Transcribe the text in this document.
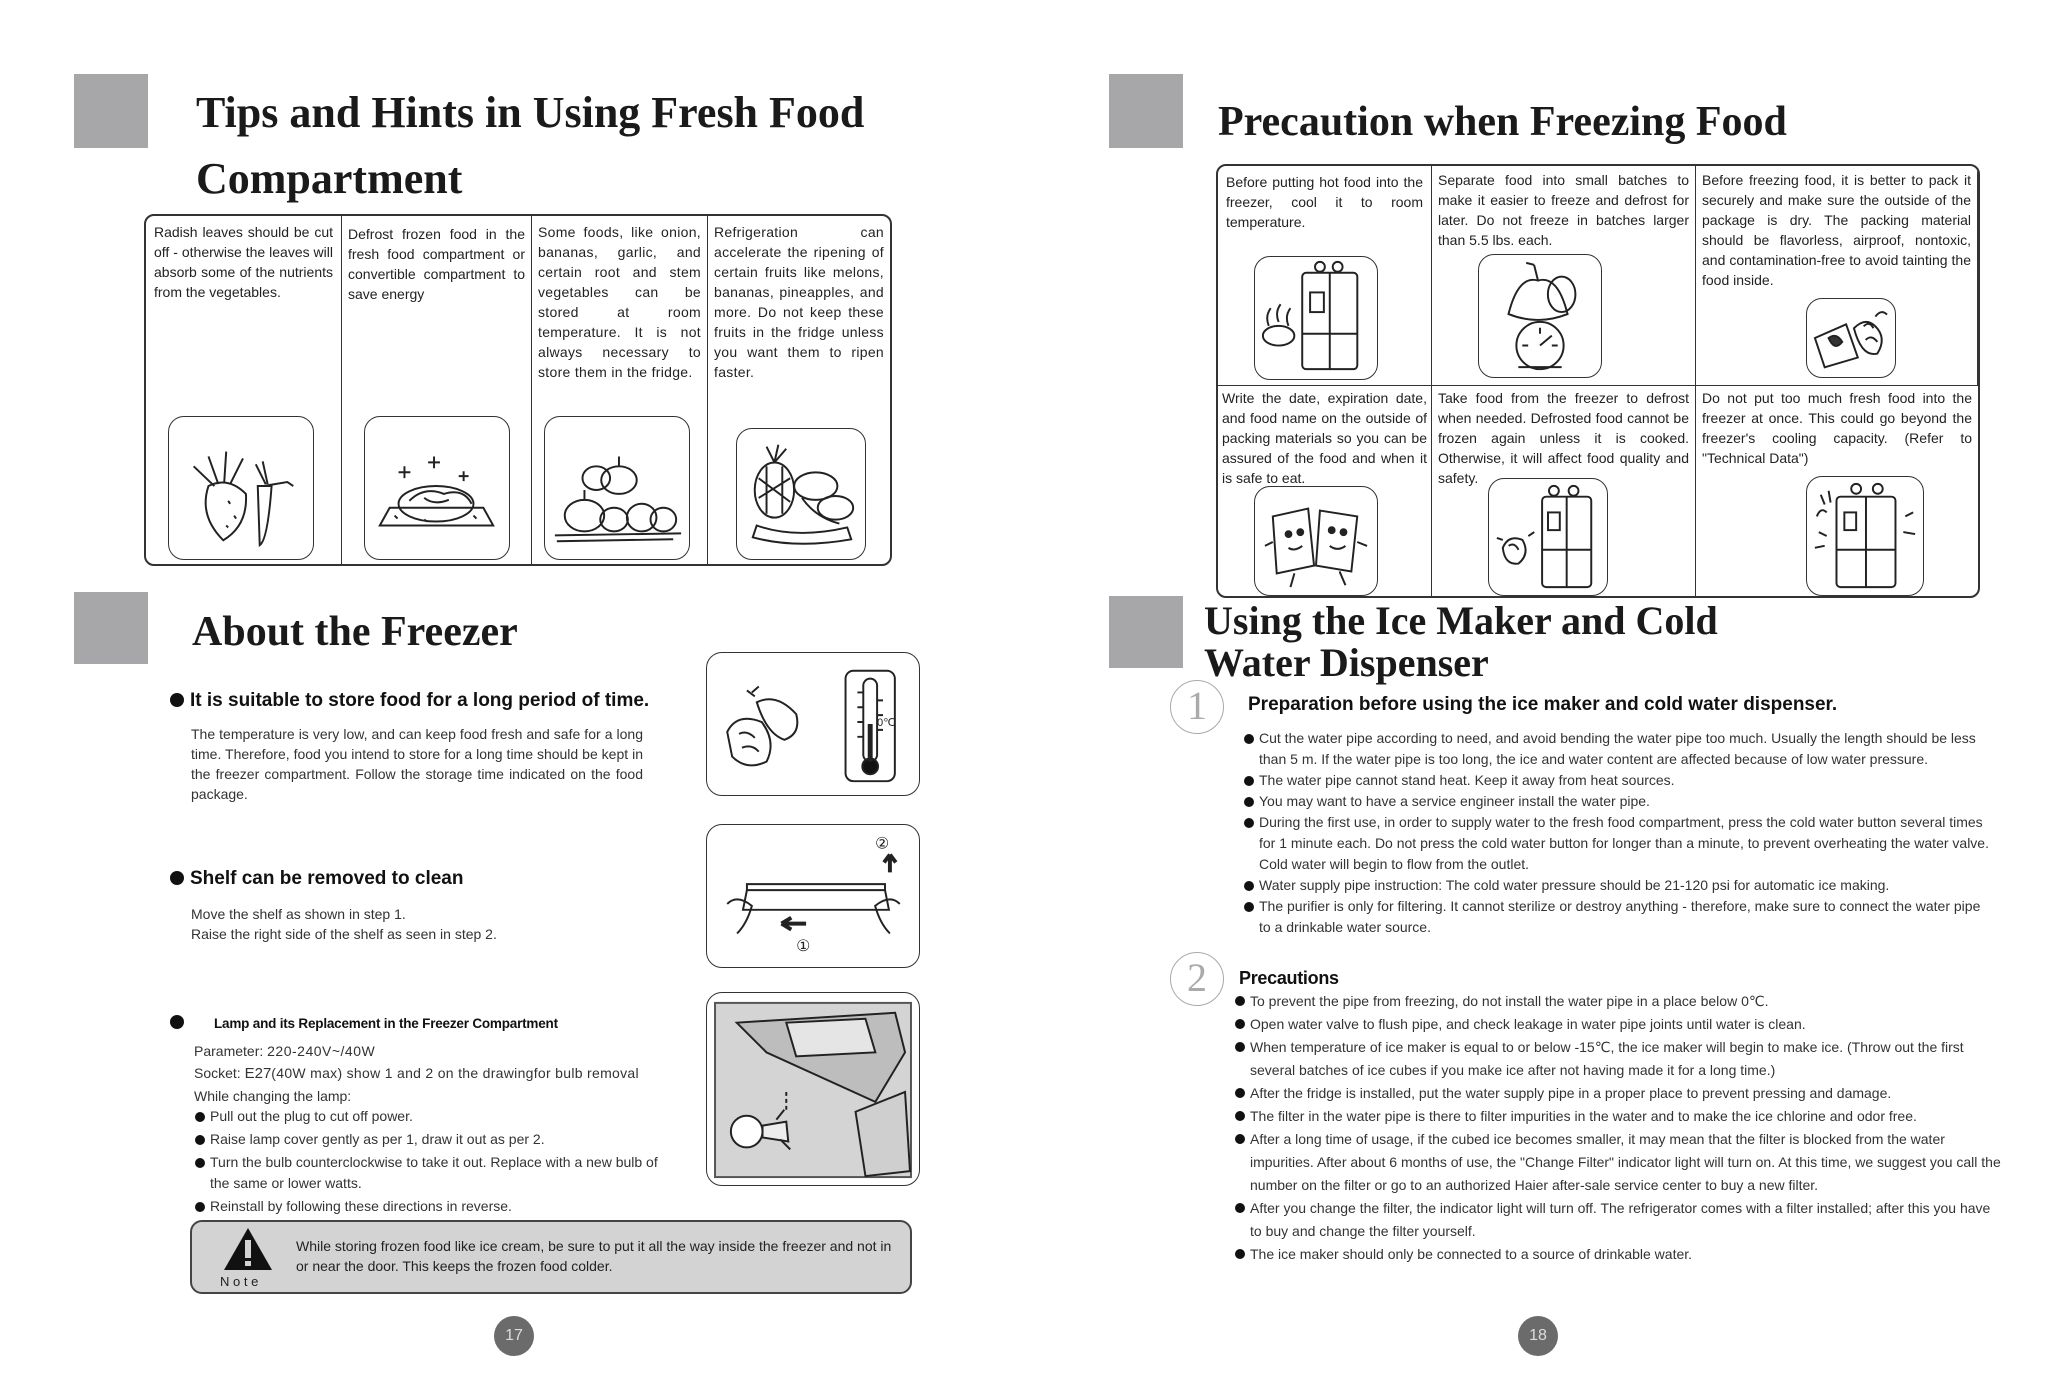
Tips and Hints in Using Fresh Food
Compartment
Radish leaves should be cut off - otherwise the leaves will absorb some of the nutrients from the vegetables.
Defrost frozen food in the fresh food compartment or convertible compartment to save energy
Some foods, like onion, bananas, garlic, and certain root and stem vegetables can be stored at room temperature. It is not always necessary to store them in the fridge.
Refrigeration can accelerate the ripening of certain fruits like melons, bananas, pineapples, and more. Do not keep these fruits in the fridge unless you want them to ripen faster.
About the Freezer
It is suitable to store food for a long period of time.
The temperature is very low, and can keep food fresh and safe for a long time. Therefore, food you intend to store for a long time should be kept in the freezer compartment. Follow the storage time indicated on the food package.
0℃
Shelf can be removed to clean
Move the shelf as shown in step 1.
Raise the right side of the shelf as seen in step 2.
①
②
Lamp and its Replacement in the Freezer Compartment
Parameter: 220-240V~/40W
Socket: E27(40W max) show 1 and 2 on the drawingfor bulb removal
While changing the lamp:
Pull out the plug to cut off power.
Raise lamp cover gently as per 1, draw it out as per 2.
Turn the bulb counterclockwise to take it out. Replace with a new bulb of the same or lower watts.
Reinstall by following these directions in reverse.
N o t e
While storing frozen food like ice cream, be sure to put it all the way inside the freezer and not in or near the door. This keeps the frozen food colder.
17
Precaution when Freezing Food
Before putting hot food into the freezer, cool it to room temperature.
Separate food into small batches to make it easier to freeze and defrost for later. Do not freeze in batches larger than 5.5 lbs. each.
Before freezing food, it is better to pack it securely and make sure the outside of the package is dry. The packing material should be flavorless, airproof, nontoxic, and contamination-free to avoid tainting the food inside.
Write the date, expiration date, and food name on the outside of packing materials so you can be assured of the food and when it is safe to eat.
Take food from the freezer to defrost when needed. Defrosted food cannot be frozen again unless it is cooked. Otherwise, it will affect food quality and safety.
Do not put too much fresh food into the freezer at once. This could go beyond the freezer's cooling capacity. (Refer to "Technical Data")
Using the Ice Maker and Cold
Water Dispenser
1	Preparation before using the ice maker and cold water dispenser.
Cut the water pipe according to need, and avoid bending the water pipe too much. Usually the length should be less than 5 m. If the water pipe is too long, the ice and water content are affected because of low water pressure.
The water pipe cannot stand heat. Keep it away from heat sources.
You may want to have a service engineer install the water pipe.
During the first use, in order to supply water to the fresh food compartment, press the cold water button several times for 1 minute each. Do not press the cold water button for longer than a minute, to prevent overheating the water valve. Cold water will begin to flow from the outlet.
Water supply pipe instruction: The cold water pressure should be 21-120 psi for automatic ice making.
The purifier is only for filtering. It cannot sterilize or destroy anything - therefore, make sure to connect the water pipe to a drinkable water source.
2	Precautions
To prevent the pipe from freezing, do not install the water pipe in a place below 0℃.
Open water valve to flush pipe, and check leakage in water pipe joints until water is clean.
When temperature of ice maker is equal to or below -15℃, the ice maker will begin to make ice. (Throw out the first several batches of ice cubes if you make ice after not having made it for a long time.)
After the fridge is installed, put the water supply pipe in a proper place to prevent pressing and damage.
The filter in the water pipe is there to filter impurities in the water and to make the ice chlorine and odor free.
After a long time of usage, if the cubed ice becomes smaller, it may mean that the filter is blocked from the water impurities. After about 6 months of use, the "Change Filter" indicator light will turn on. At this time, we suggest you call the number on the filter or go to an authorized Haier after-sale service center to buy a new filter.
After you change the filter, the indicator light will turn off. The refrigerator comes with a filter installed; after this you have to buy and change the filter yourself.
The ice maker should only be connected to a source of drinkable water.
18
